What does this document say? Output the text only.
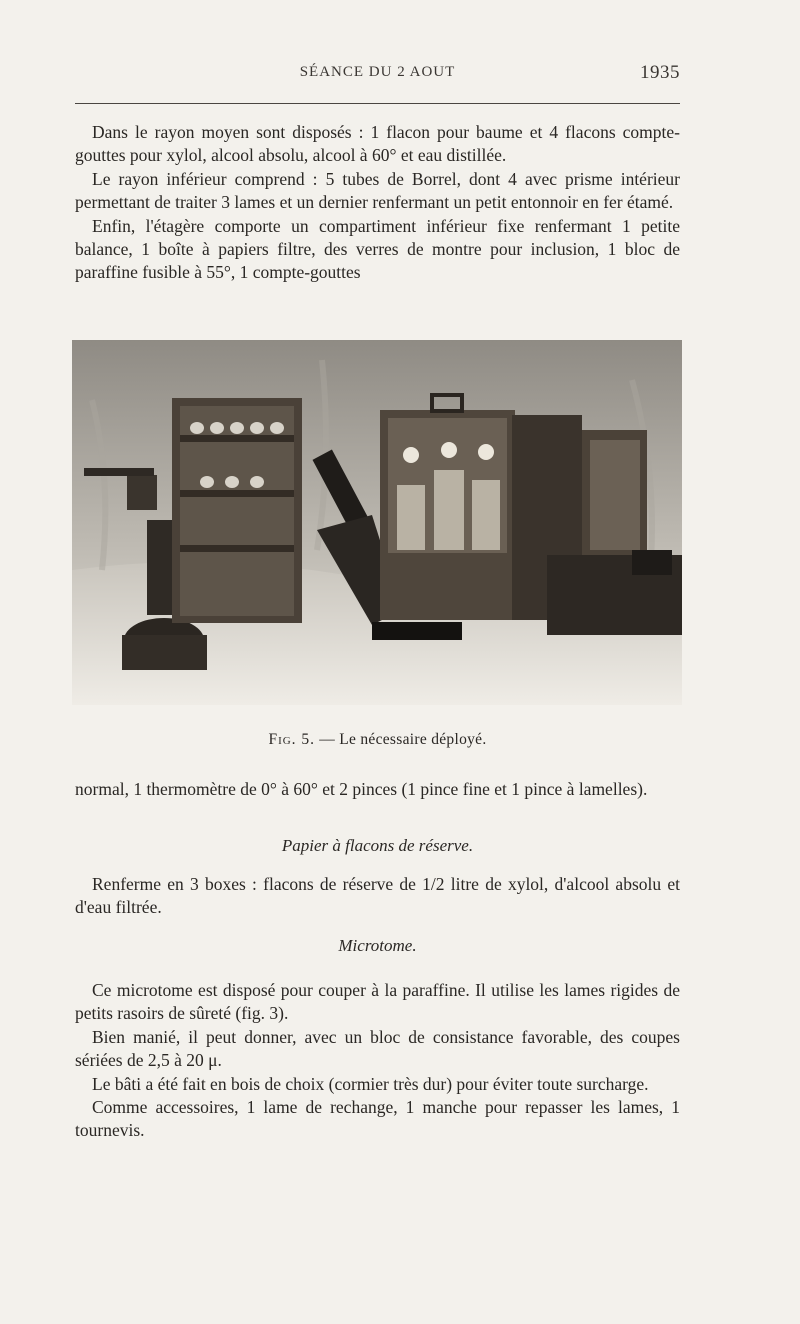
SÉANCE DU 2 AOUT	1935

Dans le rayon moyen sont disposés : 1 flacon pour baume et 4 flacons compte-gouttes pour xylol, alcool absolu, alcool à 60° et eau distillée.

Le rayon inférieur comprend : 5 tubes de Borrel, dont 4 avec prisme intérieur permettant de traiter 3 lames et un dernier renfermant un petit entonnoir en fer étamé.

Enfin, l'étagère comporte un compartiment inférieur fixe renfermant 1 petite balance, 1 boîte à papiers filtre, des verres de montre pour inclusion, 1 bloc de paraffine fusible à 55°, 1 compte-gouttes

Fig. 5. — Le nécessaire déployé.

normal, 1 thermomètre de 0° à 60° et 2 pinces (1 pince fine et 1 pince à lamelles).

Papier à flacons de réserve.

Renferme en 3 boxes : flacons de réserve de 1/2 litre de xylol, d'alcool absolu et d'eau filtrée.

Microtome.

Ce microtome est disposé pour couper à la paraffine. Il utilise les lames rigides de petits rasoirs de sûreté (fig. 3).

Bien manié, il peut donner, avec un bloc de consistance favorable, des coupes sériées de 2,5 à 20 μ.

Le bâti a été fait en bois de choix (cormier très dur) pour éviter toute surcharge.

Comme accessoires, 1 lame de rechange, 1 manche pour repasser les lames, 1 tournevis.
